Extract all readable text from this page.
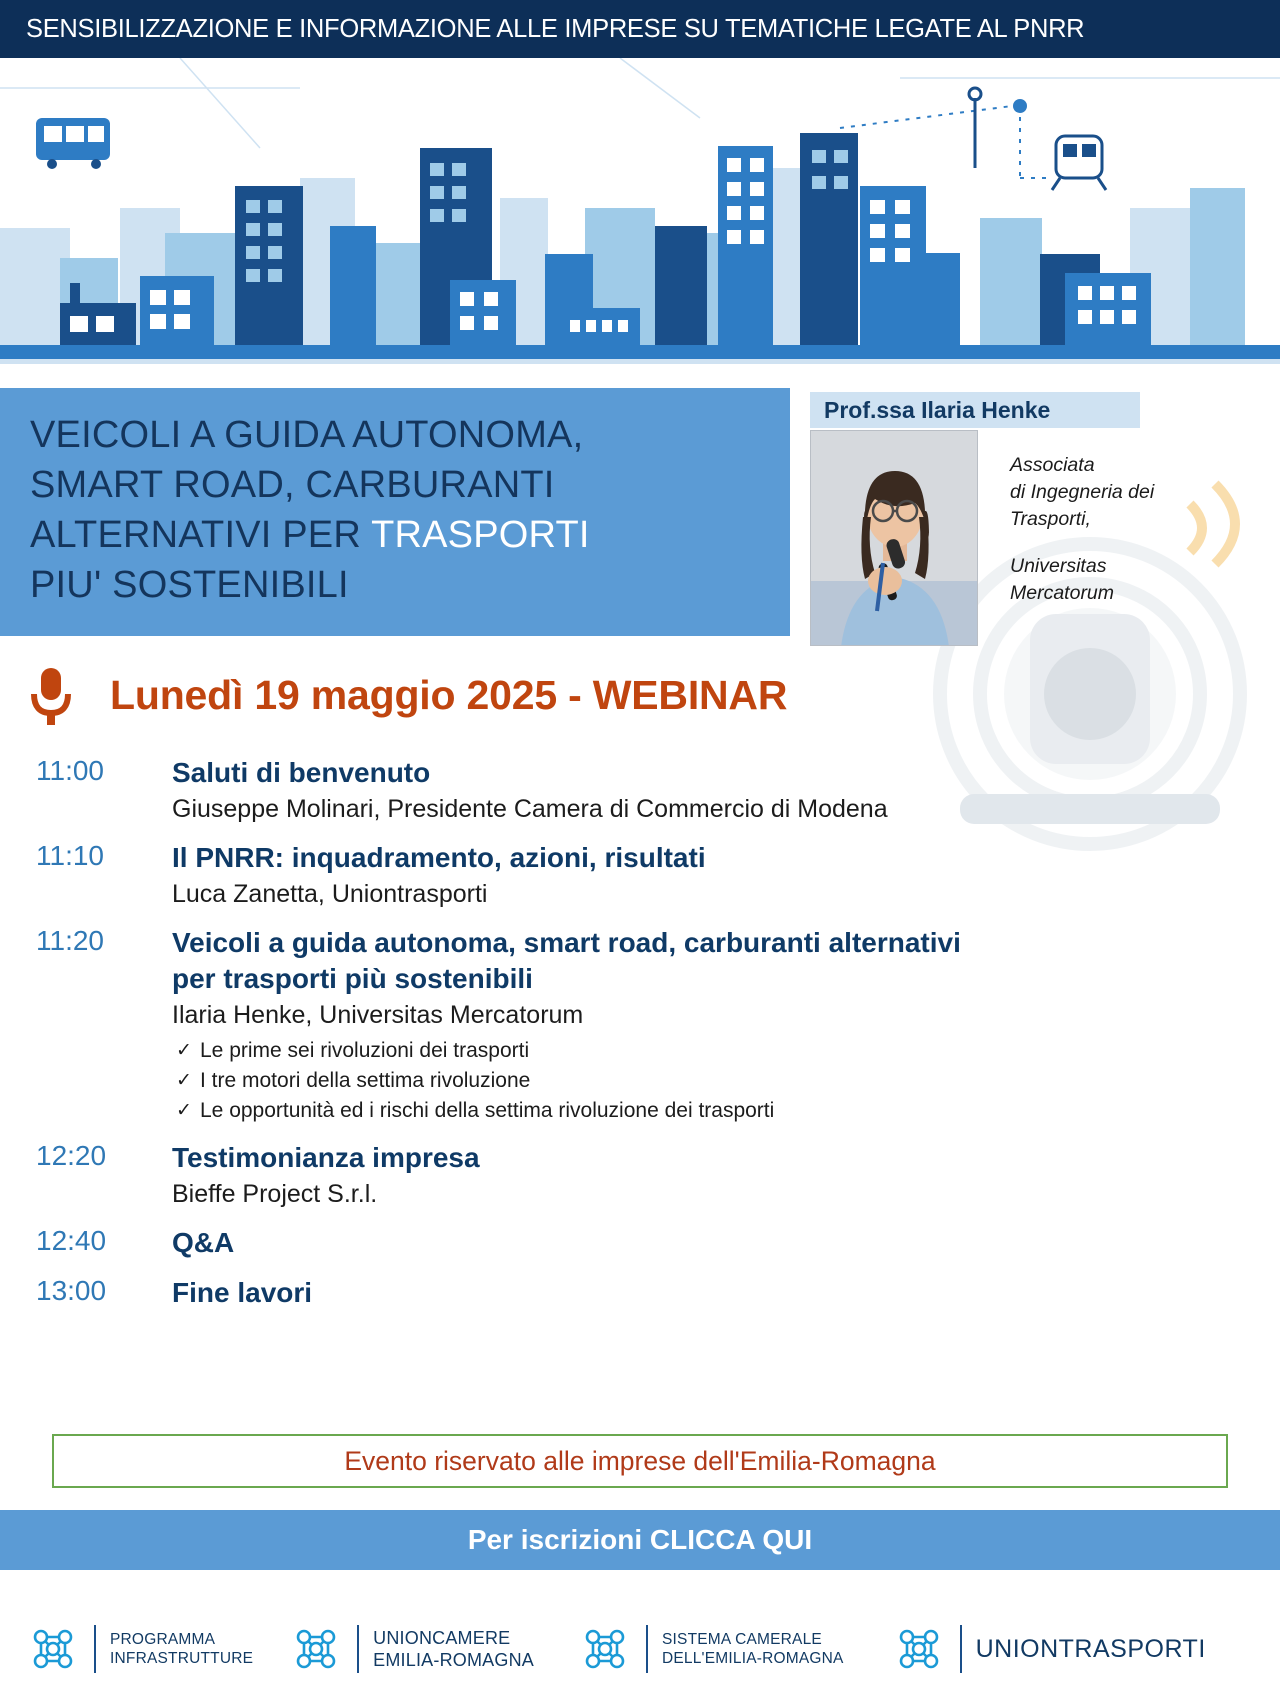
SENSIBILIZZAZIONE E INFORMAZIONE ALLE IMPRESE SU TEMATICHE LEGATE AL PNRR
VEICOLI A GUIDA AUTONOMA,
SMART ROAD, CARBURANTI
ALTERNATIVI PER TRASPORTI
PIU' SOSTENIBILI
Prof.ssa Ilaria Henke
Associata
di Ingegneria dei
Trasporti,
Universitas
Mercatorum
Lunedì 19 maggio 2025 - WEBINAR
11:00	Saluti di benvenuto
Giuseppe Molinari, Presidente Camera di Commercio di Modena
11:10	Il PNRR: inquadramento, azioni, risultati
Luca Zanetta, Uniontrasporti
11:20	Veicoli a guida autonoma, smart road, carburanti alternativi per trasporti più sostenibili
Ilaria Henke, Universitas Mercatorum
✓ Le prime sei rivoluzioni dei trasporti
✓ I tre motori della settima rivoluzione
✓ Le opportunità ed i rischi della settima rivoluzione dei trasporti
12:20	Testimonianza impresa
Bieffe Project S.r.l.
12:40	Q&A
13:00	Fine lavori
Evento riservato alle imprese dell'Emilia-Romagna
Per iscrizioni CLICCA QUI
PROGRAMMA
INFRASTRUTTURE
UNIONCAMERE
EMILIA-ROMAGNA
SISTEMA CAMERALE
DELL'EMILIA-ROMAGNA	UNIONTRASPORTI
